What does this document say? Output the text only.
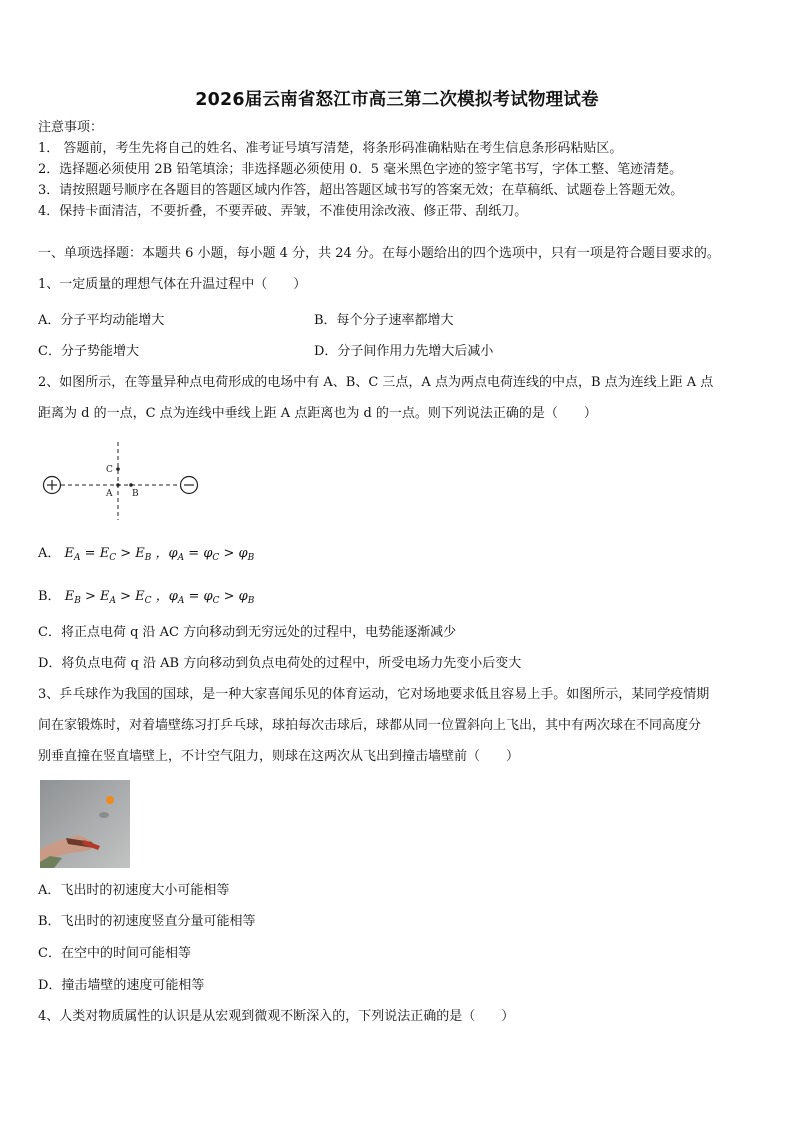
2026届云南省怒江市高三第二次模拟考试物理试卷
注意事项：
1． 答题前，考生先将自己的姓名、准考证号填写清楚，将条形码准确粘贴在考生信息条形码粘贴区。
2．选择题必须使用 2B 铅笔填涂；非选择题必须使用 0．5 毫米黑色字迹的签字笔书写，字体工整、笔迹清楚。
3．请按照题号顺序在各题目的答题区域内作答，超出答题区域书写的答案无效；在草稿纸、试题卷上答题无效。
4．保持卡面清洁，不要折叠，不要弄破、弄皱，不准使用涂改液、修正带、刮纸刀。
一、单项选择题：本题共 6 小题，每小题 4 分，共 24 分。在每小题给出的四个选项中，只有一项是符合题目要求的。
1、一定质量的理想气体在升温过程中（　　）
A．分子平均动能增大	B．每个分子速率都增大
C．分子势能增大	D．分子间作用力先增大后减小
2、如图所示，在等量异种点电荷形成的电场中有 A、B、C 三点，A 点为两点电荷连线的中点，B 点为连线上距 A 点
距离为 d 的一点，C 点为连线中垂线上距 A 点距离也为 d 的一点。则下列说法正确的是（　　）
C
A B
A． $E_A = E_C > E_B$ ，$\varphi_A = \varphi_C > \varphi_B$
B． $E_B > E_A > E_C$ ，$\varphi_A = \varphi_C > \varphi_B$
C．将正点电荷 q 沿 AC 方向移动到无穷远处的过程中，电势能逐渐减少
D．将负点电荷 q 沿 AB 方向移动到负点电荷处的过程中，所受电场力先变小后变大
3、乒乓球作为我国的国球，是一种大家喜闻乐见的体育运动，它对场地要求低且容易上手。如图所示，某同学疫情期
间在家锻炼时，对着墙壁练习打乒乓球，球拍每次击球后，球都从同一位置斜向上飞出，其中有两次球在不同高度分
别垂直撞在竖直墙壁上，不计空气阻力，则球在这两次从飞出到撞击墙壁前（　　）
A．飞出时的初速度大小可能相等
B．飞出时的初速度竖直分量可能相等
C．在空中的时间可能相等
D．撞击墙壁的速度可能相等
4、人类对物质属性的认识是从宏观到微观不断深入的，下列说法正确的是（　　）
